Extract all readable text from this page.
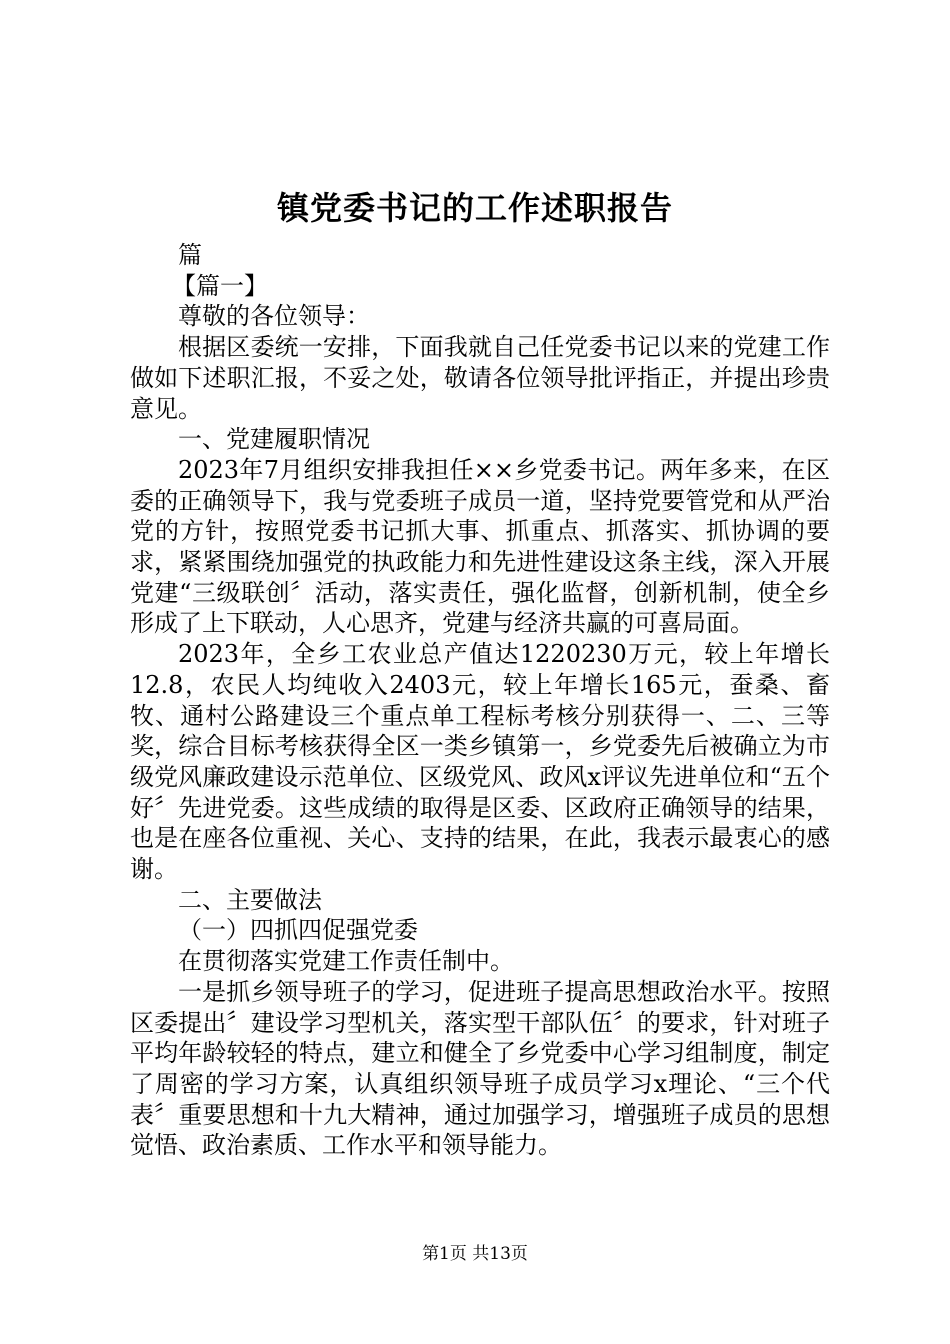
镇党委书记的工作述职报告

篇

【篇一】

尊敬的各位领导：

根据区委统一安排，下面我就自己任党委书记以来的党建工作做如下述职汇报，不妥之处，敬请各位领导批评指正，并提出珍贵意见。

一、党建履职情况

2023年7月组织安排我担任××乡党委书记。两年多来，在区委的正确领导下，我与党委班子成员一道，坚持党要管党和从严治党的方针，按照党委书记抓大事、抓重点、抓落实、抓协调的要求，紧紧围绕加强党的执政能力和先进性建设这条主线，深入开展党建“三级联创〞活动，落实责任，强化监督，创新机制，使全乡形成了上下联动，人心思齐，党建与经济共赢的可喜局面。

2023年，全乡工农业总产值达1220230万元，较上年增长12.8，农民人均纯收入2403元，较上年增长165元，蚕桑、畜牧、通村公路建设三个重点单工程标考核分别获得一、二、三等奖，综合目标考核获得全区一类乡镇第一，乡党委先后被确立为市级党风廉政建设示范单位、区级党风、政风x评议先进单位和“五个好〞先进党委。这些成绩的取得是区委、区政府正确领导的结果，也是在座各位重视、关心、支持的结果，在此，我表示最衷心的感谢。

二、主要做法

（一）四抓四促强党委

在贯彻落实党建工作责任制中。

一是抓乡领导班子的学习，促进班子提高思想政治水平。按照区委提出〞建设学习型机关，落实型干部队伍〞的要求，针对班子平均年龄较轻的特点，建立和健全了乡党委中心学习组制度，制定了周密的学习方案，认真组织领导班子成员学习x理论、“三个代表〞重要思想和十九大精神，通过加强学习，增强班子成员的思想觉悟、政治素质、工作水平和领导能力。

第1页 共13页
